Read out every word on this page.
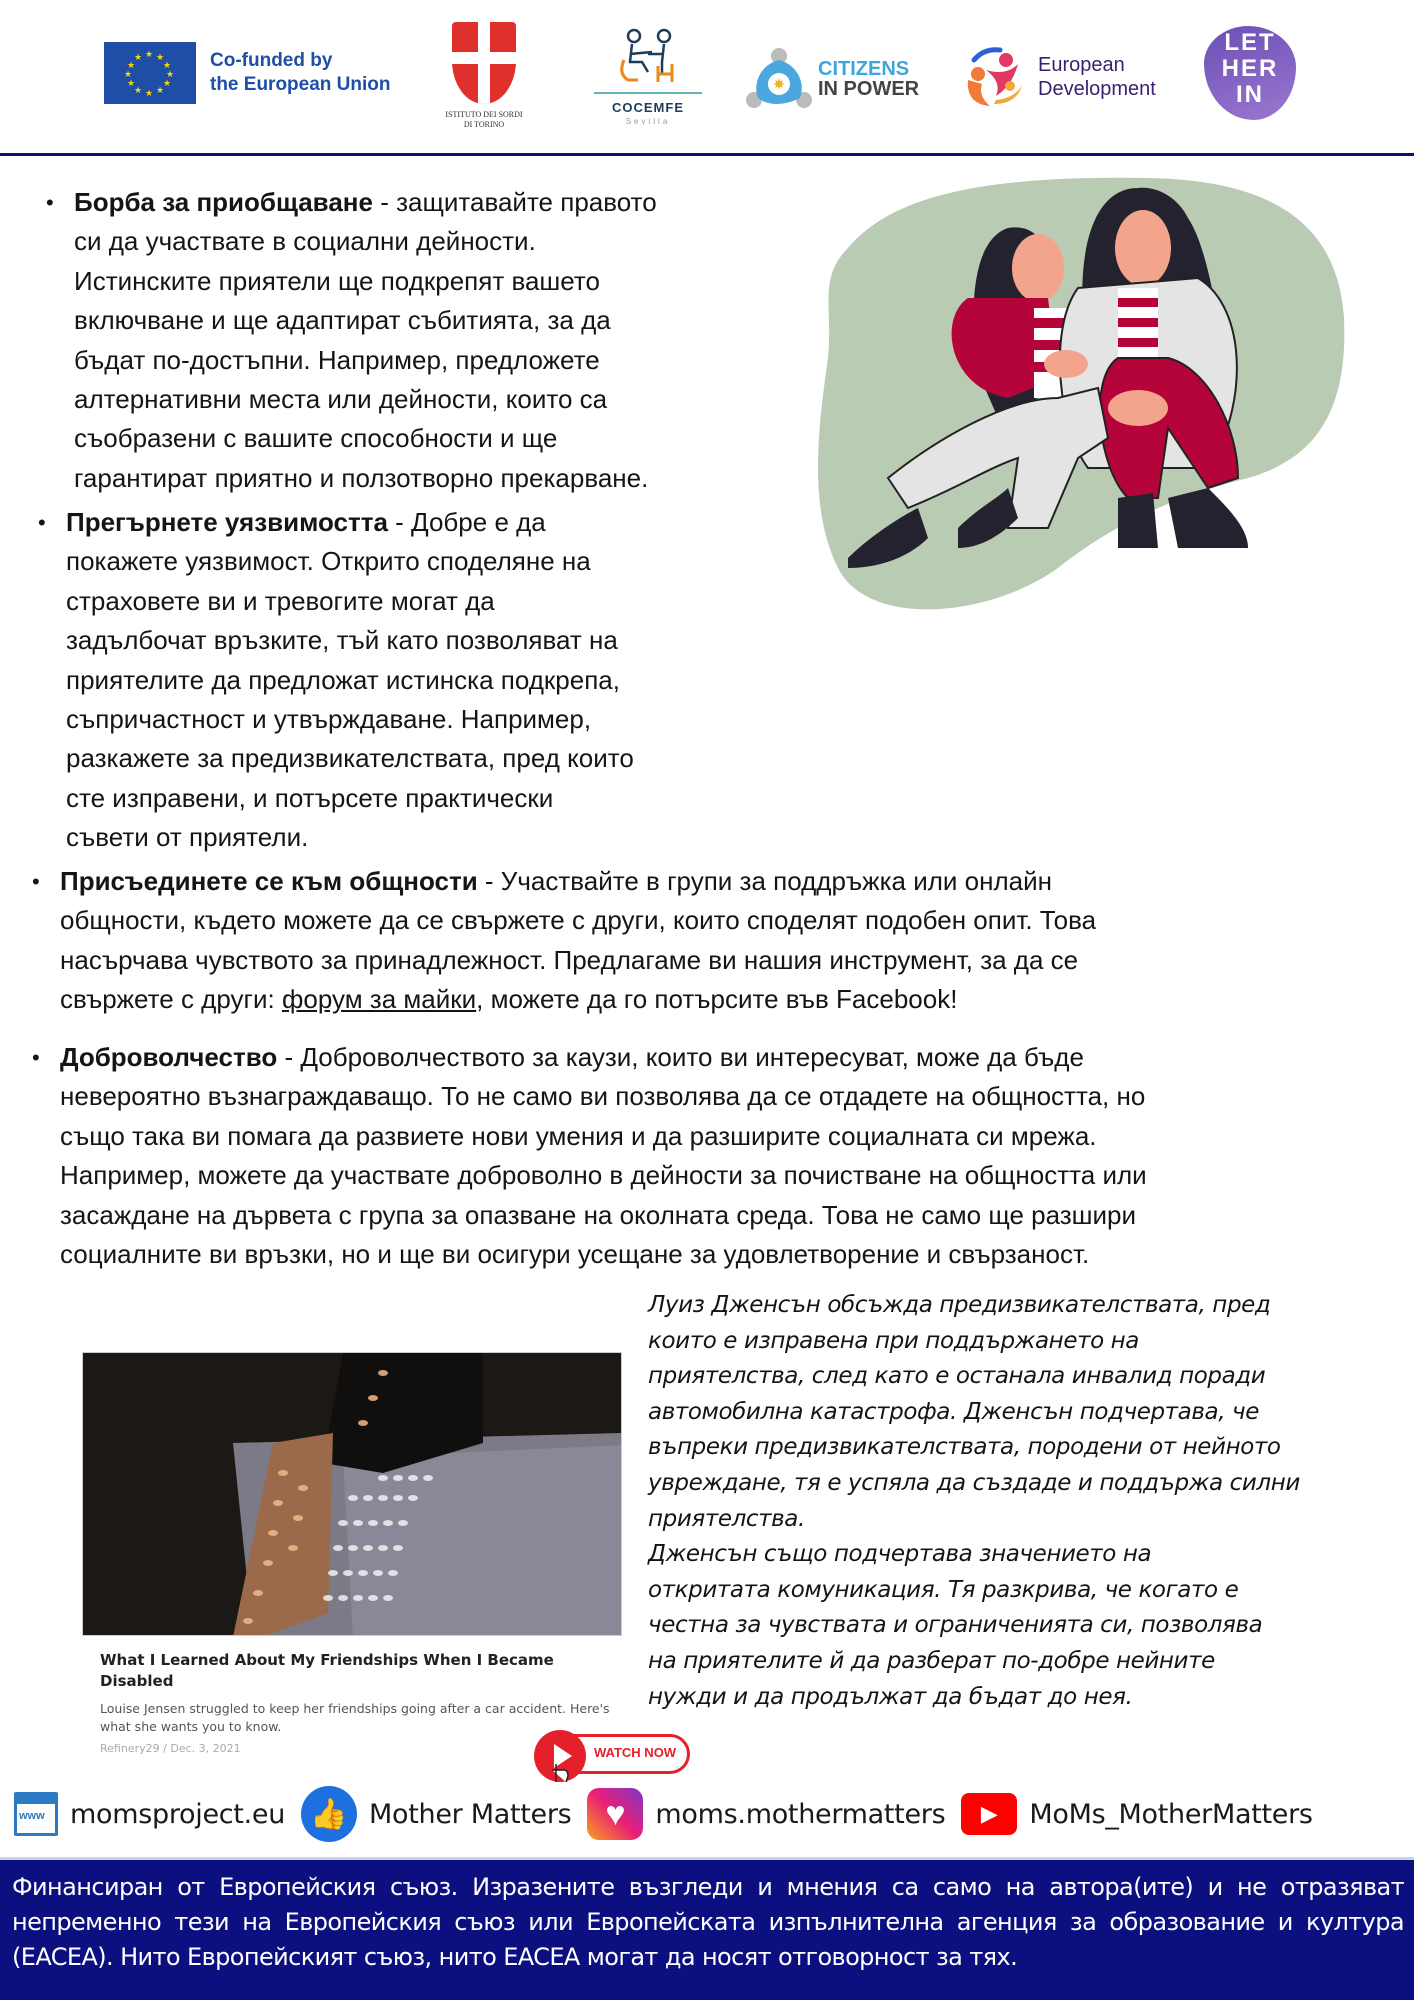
★ ★
★
★
★
★
★
★
★
★
★
★	Co-funded by
the European Union
ISTITUTO DEI SORDI
DI TORINO
COCEMFE
Sevilla
✸
CITIZENS
IN POWER
European
Development
LET
HER
IN
• Борба за приобщаване - защитавайте правото
си да участвате в социални дейности.
Истинските приятели ще подкрепят вашето
включване и ще адаптират събитията, за да
бъдат по-достъпни. Например, предложете
алтернативни места или дейности, които са
съобразени с вашите способности и ще
гарантират приятно и ползотворно прекарване.
• Прегърнете уязвимостта - Добре е да
покажете уязвимост. Открито споделяне на
страховете ви и тревогите могат да
задълбочат връзките, тъй като позволяват на
приятелите да предложат истинска подкрепа,
съпричастност и утвърждаване. Например,
разкажете за предизвикателствата, пред които
сте изправени, и потърсете практически
съвети от приятели.
• Присъединете се към общности - Участвайте в групи за поддръжка или онлайн
общности, където можете да се свържете с други, които споделят подобен опит. Това
насърчава чувството за принадлежност. Предлагаме ви нашия инструмент, за да се
свържете с други: форум за майки, можете да го потърсите във Facebook!
• Доброволчество - Доброволчеството за каузи, които ви интересуват, може да бъде
невероятно възнаграждаващо. То не само ви позволява да се отдадете на общността, но
също така ви помага да развиете нови умения и да разширите социалната си мрежа.
Например, можете да участвате доброволно в дейности за почистване на общността или
засаждане на дървета с група за опазване на околната среда. Това не само ще разшири
социалните ви връзки, но и ще ви осигури усещане за удовлетворение и свързаност.
What I Learned About My Friendships When I Became Disabled
Louise Jensen struggled to keep her friendships going after a car accident. Here's what she wants you to know.
Refinery29 / Dec. 3, 2021	WATCH NOW

Луиз Дженсън обсъжда предизвикателствата, пред

които е изправена при поддържането на

приятелства, след като е останала инвалид поради

автомобилна катастрофа. Дженсън подчертава, че

въпреки предизвикателствата, породени от нейното

увреждане, тя е успяла да създаде и поддържа силни

приятелства.

Дженсън също подчертава значението на

откритата комуникация. Тя разкрива, че когато е

честна за чувствата и ограниченията си, позволява

на приятелите й да разберат по-добре нейните

нужди и да продължат да бъдат до нея.

www momsproject.eu 👍 Mother Matters ♥	moms.mothermatters	▶	MoMs_MotherMatters
Финансиран от Европейския съюз. Изразените възгледи и мнения са само на автора(ите) и не отразяват непременно тези на Европейския съюз или Европейската изпълнителна агенция за образование и култура (EACEA). Нито Европейският съюз, нито EACEA могат да носят отговорност за тях.
